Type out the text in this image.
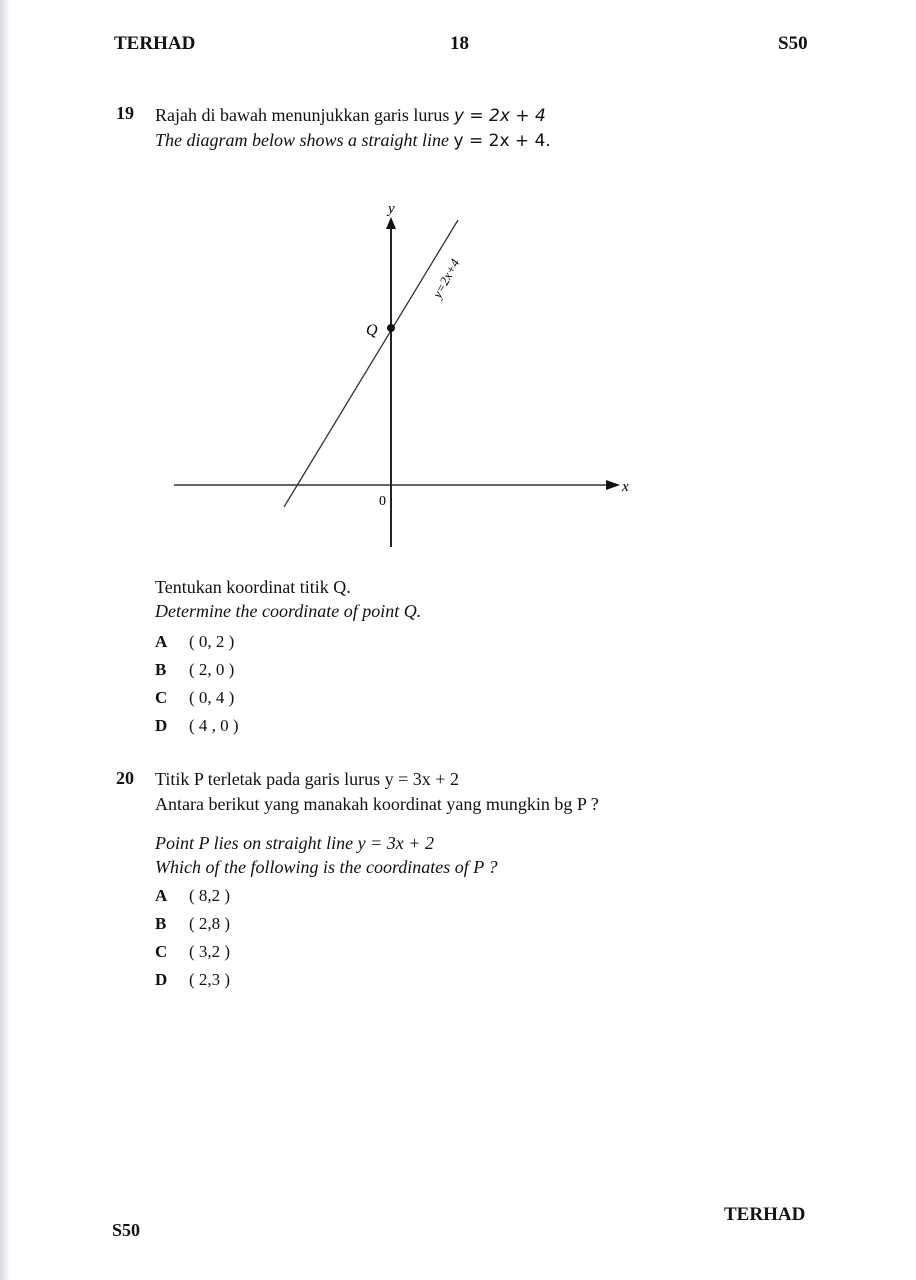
TERHAD	18	S50
19 Rajah di bawah menunjukkan garis lurus y = 2x + 4
The diagram below shows a straight line y = 2x + 4.
x
y
0
Q
y=2x+4
Tentukan koordinat titik Q.
Determine the coordinate of point Q.
A ( 0, 2 )
B ( 2, 0 )
C ( 0, 4 )
D ( 4 , 0 )
20 Titik P terletak pada garis lurus y = 3x + 2
Antara berikut yang manakah koordinat yang mungkin bg P ?
Point P lies on straight line y = 3x + 2
Which of the following is the coordinates of P ?
A ( 8,2 )
B ( 2,8 )
C ( 3,2 )
D ( 2,3 )
TERHAD
S50
